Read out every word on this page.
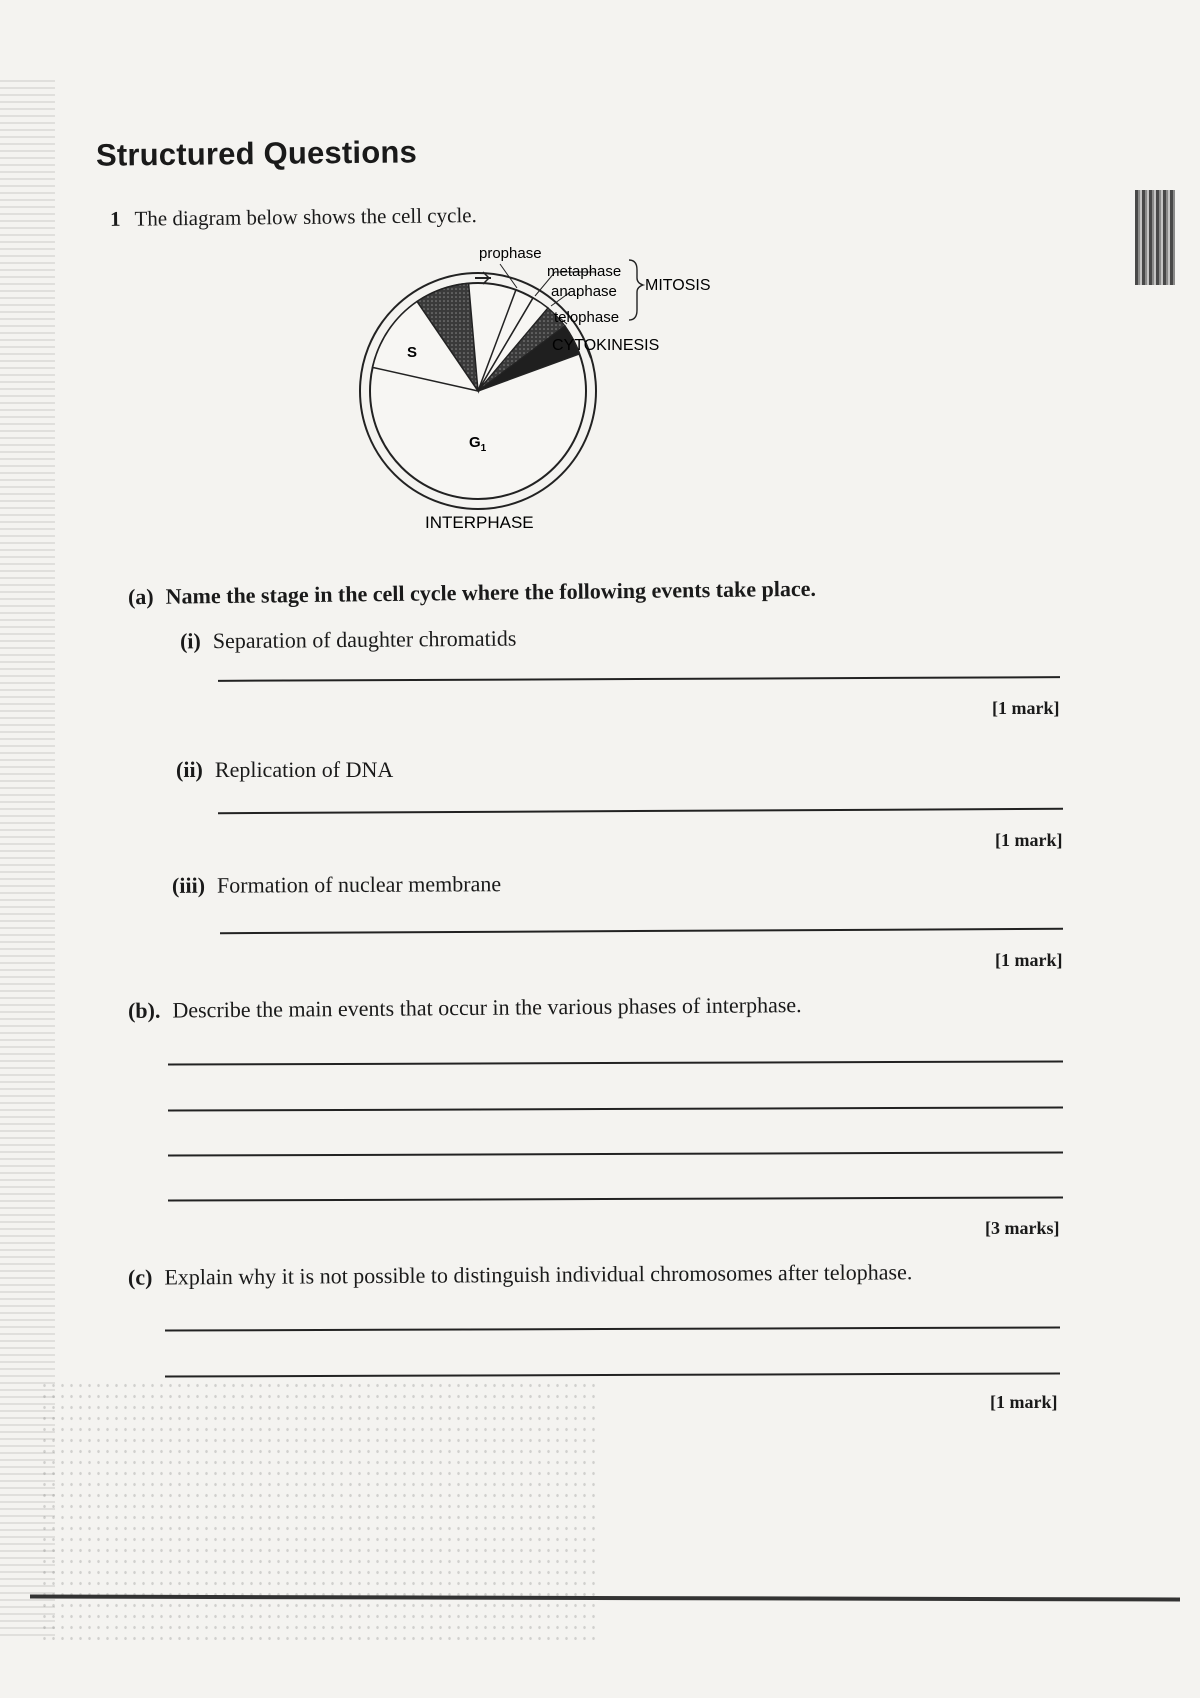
Structured Questions
1 The diagram below shows the cell cycle.
prophase
metaphase
anaphase
telophase
MITOSIS
CYTOKINESIS
S
$G_1$
INTERPHASE
(a) Name the stage in the cell cycle where the following events take place.
(i) Separation of daughter chromatids
[1 mark]
(ii) Replication of DNA
[1 mark]
(iii) Formation of nuclear membrane
[1 mark]
(b). Describe the main events that occur in the various phases of interphase.
[3 marks]
(c) Explain why it is not possible to distinguish individual chromosomes after telophase.
[1 mark]
